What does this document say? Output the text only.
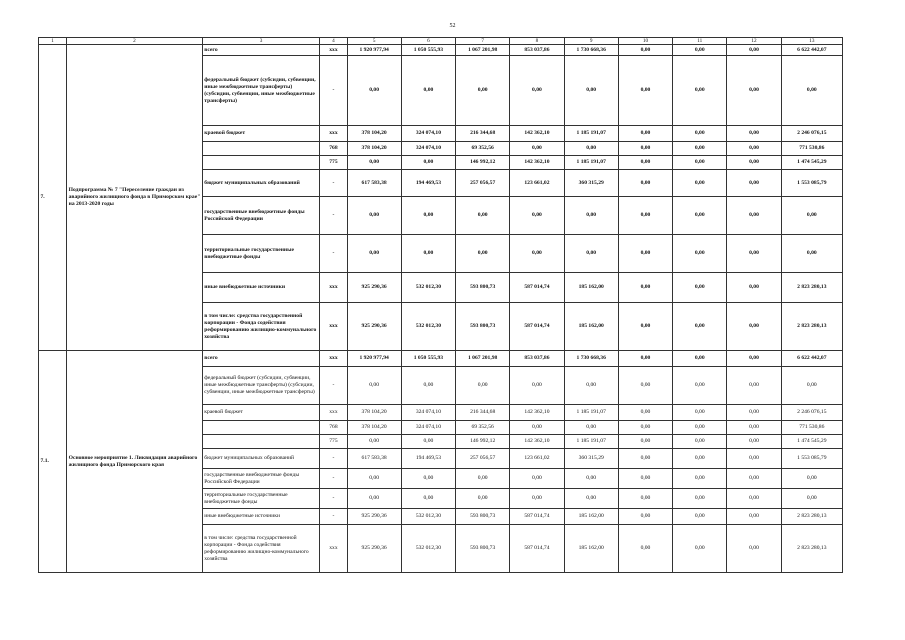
52
1	2	3	4	5	6	7	8	9	10	11	12	13
7.	Подпрограмма № 7 "Переселение граждан из аварийного жилищного фонда в Приморском крае" на 2013-2020 годы	всего	ххх	1 920 977,94	1 050 555,93	1 067 201,98	853 037,86	1 730 668,36	0,00	0,00	0,00	6 622 442,07
		федеральный бюджет (субсидии, субвенции, иные межбюджетные трансферты) (субсидии, субвенции, иные межбюджетные трансферты)	-	0,00	0,00	0,00	0,00	0,00	0,00	0,00	0,00	0,00
		краевой бюджет	ххх	378 104,20	324 074,10	216 344,68	142 362,10	1 185 191,07	0,00	0,00	0,00	2 246 076,15
			768	378 104,20	324 074,10	69 352,56	0,00	0,00	0,00	0,00	0,00	771 530,86
			775	0,00	0,00	146 992,12	142 362,10	1 185 191,07	0,00	0,00	0,00	1 474 545,29
		бюджет муниципальных образований	-	617 583,38	194 469,53	257 056,57	123 661,02	360 315,29	0,00	0,00	0,00	1 553 085,79
		государственные внебюджетные фонды Российской Федерации	-	0,00	0,00	0,00	0,00	0,00	0,00	0,00	0,00	0,00
		территориальные государственные внебюджетные фонды	-	0,00	0,00	0,00	0,00	0,00	0,00	0,00	0,00	0,00
		иные внебюджетные источники	ххх	925 290,36	532 012,30	593 800,73	587 014,74	185 162,00	0,00	0,00	0,00	2 823 280,13
		в том числе: средства государственной корпорации - Фонда содействия реформированию жилищно-коммунального хозяйства	ххх	925 290,36	532 012,30	593 800,73	587 014,74	185 162,00	0,00	0,00	0,00	2 823 280,13
7.1.	Основное мероприятие 1. Ликвидация аварийного жилищного фонда Приморского края	всего	ххх	1 920 977,94	1 050 555,93	1 067 201,98	853 037,86	1 730 668,36	0,00	0,00	0,00	6 622 442,07
		федеральный бюджет (субсидии, субвенции, иные межбюджетные трансферты) (субсидии, субвенции, иные межбюджетные трансферты)	-	0,00	0,00	0,00	0,00	0,00	0,00	0,00	0,00	0,00
		краевой бюджет	ххх	378 104,20	324 074,10	216 344,68	142 362,10	1 185 191,07	0,00	0,00	0,00	2 246 076,15
			768	378 104,20	324 074,10	69 352,56	0,00	0,00	0,00	0,00	0,00	771 530,86
			775	0,00	0,00	146 992,12	142 362,10	1 185 191,07	0,00	0,00	0,00	1 474 545,29
		бюджет муниципальных образований	-	617 583,38	194 469,53	257 056,57	123 661,02	360 315,29	0,00	0,00	0,00	1 553 085,79
		государственные внебюджетные фонды Российской Федерации	-	0,00	0,00	0,00	0,00	0,00	0,00	0,00	0,00	0,00
		территориальные государственные внебюджетные фонды	-	0,00	0,00	0,00	0,00	0,00	0,00	0,00	0,00	0,00
		иные внебюджетные источники	-	925 290,36	532 012,30	593 800,73	587 014,74	185 162,00	0,00	0,00	0,00	2 823 280,13
		в том числе: средства государственной корпорации - Фонда содействия реформированию жилищно-коммунального хозяйства	ххх	925 290,36	532 012,30	593 800,73	587 014,74	185 162,00	0,00	0,00	0,00	2 823 280,13
